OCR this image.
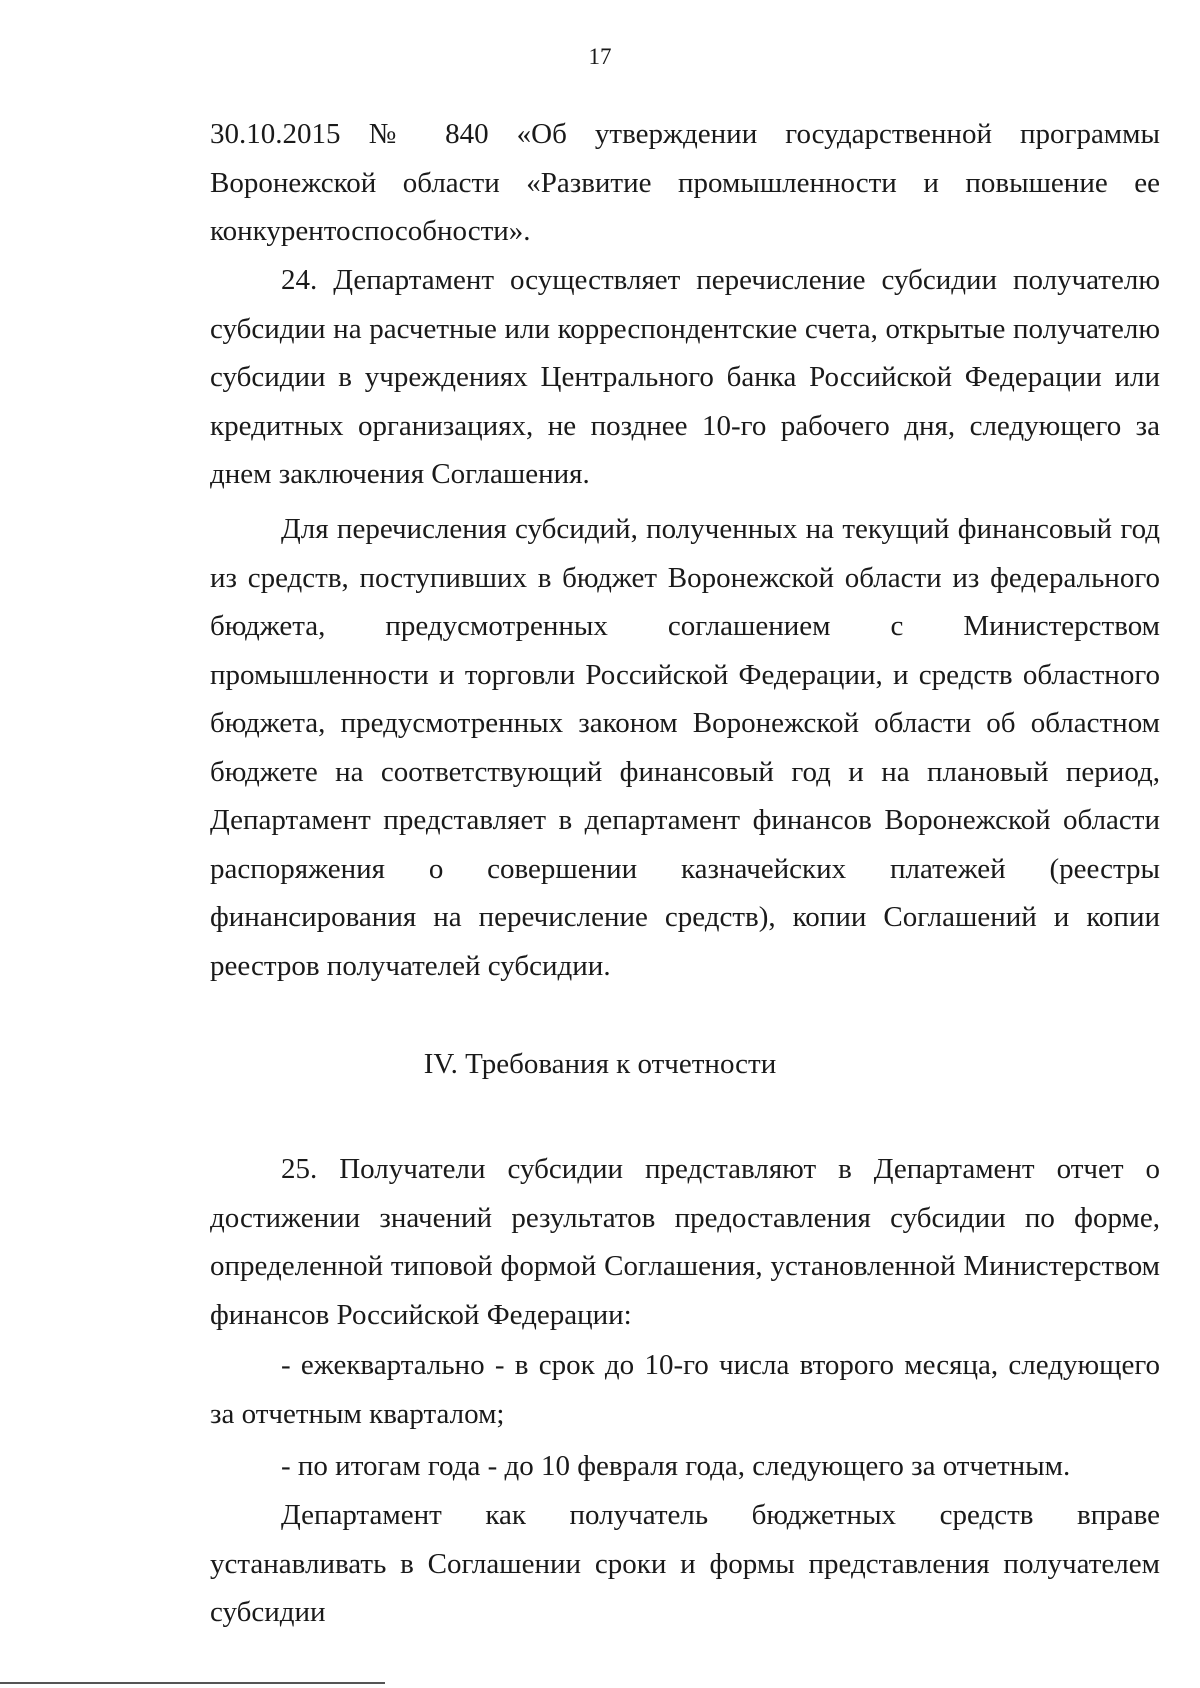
17

30.10.2015 № 840 «Об утверждении государственной программы Воронежской области «Развитие промышленности и повышение ее конкурентоспособности».

24. Департамент осуществляет перечисление субсидии получателю субсидии на расчетные или корреспондентские счета, открытые получателю субсидии в учреждениях Центрального банка Российской Федерации или кредитных организациях, не позднее 10-го рабочего дня, следующего за днем заключения Соглашения.

Для перечисления субсидий, полученных на текущий финансовый год из средств, поступивших в бюджет Воронежской области из федерального бюджета, предусмотренных соглашением с Министерством промышленности и торговли Российской Федерации, и средств областного бюджета, предусмотренных законом Воронежской области об областном бюджете на соответствующий финансовый год и на плановый период, Департамент представляет в департамент финансов Воронежской области распоряжения о совершении казначейских платежей (реестры финансирования на перечисление средств), копии Соглашений и копии реестров получателей субсидии.

IV. Требования к отчетности

25. Получатели субсидии представляют в Департамент отчет о достижении значений результатов предоставления субсидии по форме, определенной типовой формой Соглашения, установленной Министерством финансов Российской Федерации:

- ежеквартально - в срок до 10-го числа второго месяца, следующего за отчетным кварталом;

- по итогам года - до 10 февраля года, следующего за отчетным.

Департамент как получатель бюджетных средств вправе устанавливать в Соглашении сроки и формы представления получателем субсидии
